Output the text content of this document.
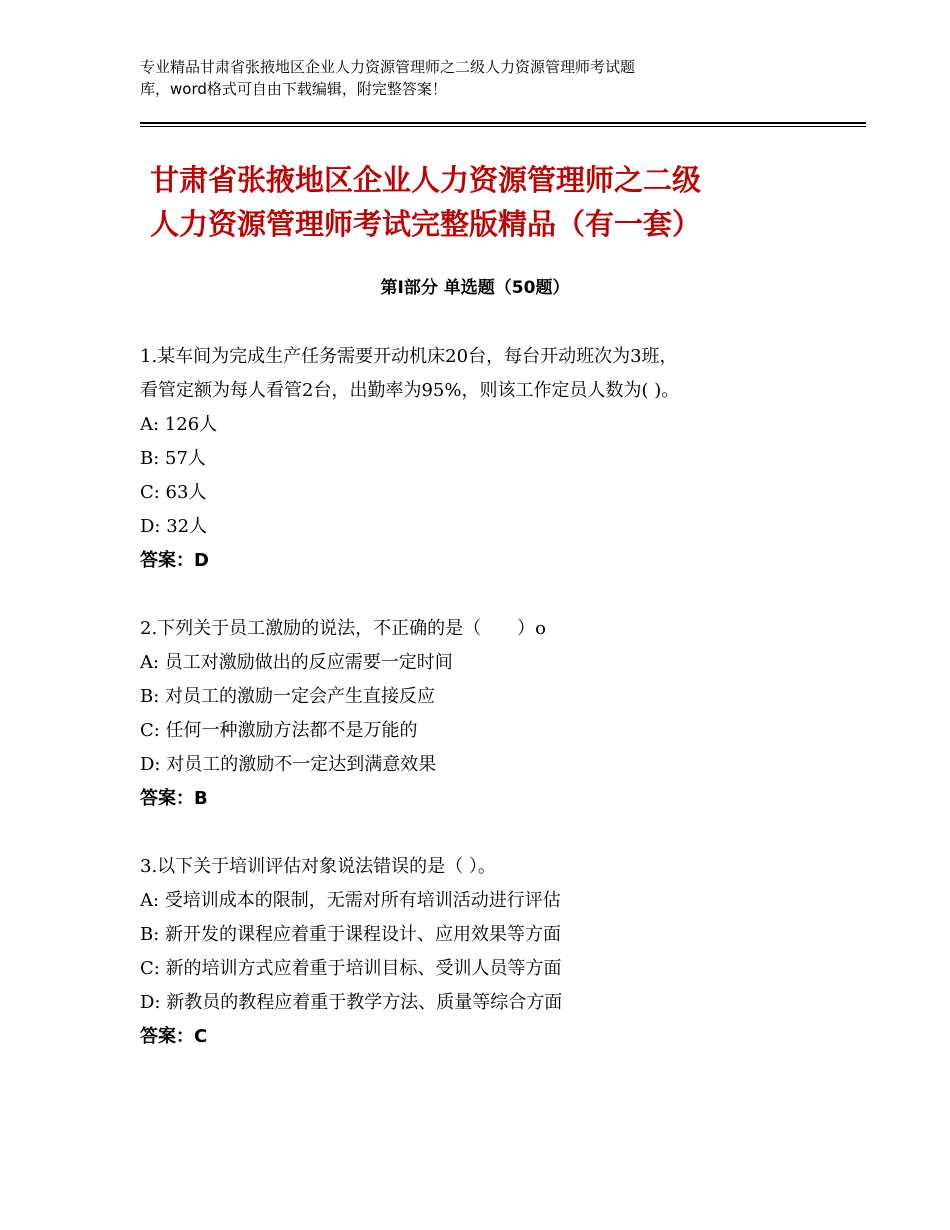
专业精品甘肃省张掖地区企业人力资源管理师之二级人力资源管理师考试题
库，word格式可自由下载编辑，附完整答案！
甘肃省张掖地区企业人力资源管理师之二级
人力资源管理师考试完整版精品（有一套）
第Ⅰ部分 单选题（50题）
1.某车间为完成生产任务需要开动机床20台，每台开动班次为3班，
看管定额为每人看管2台，出勤率为95%，则该工作定员人数为( )。
A: 126人
B: 57人
C: 63人
D: 32人
答案：D
2.下列关于员工激励的说法，不正确的是（　　）o
A: 员工对激励做出的反应需要一定时间
B: 对员工的激励一定会产生直接反应
C: 任何一种激励方法都不是万能的
D: 对员工的激励不一定达到满意效果
答案：B
3.以下关于培训评估对象说法错误的是（ ）。
A: 受培训成本的限制，无需对所有培训活动进行评估
B: 新开发的课程应着重于课程设计、应用效果等方面
C: 新的培训方式应着重于培训目标、受训人员等方面
D: 新教员的教程应着重于教学方法、质量等综合方面
答案：C
